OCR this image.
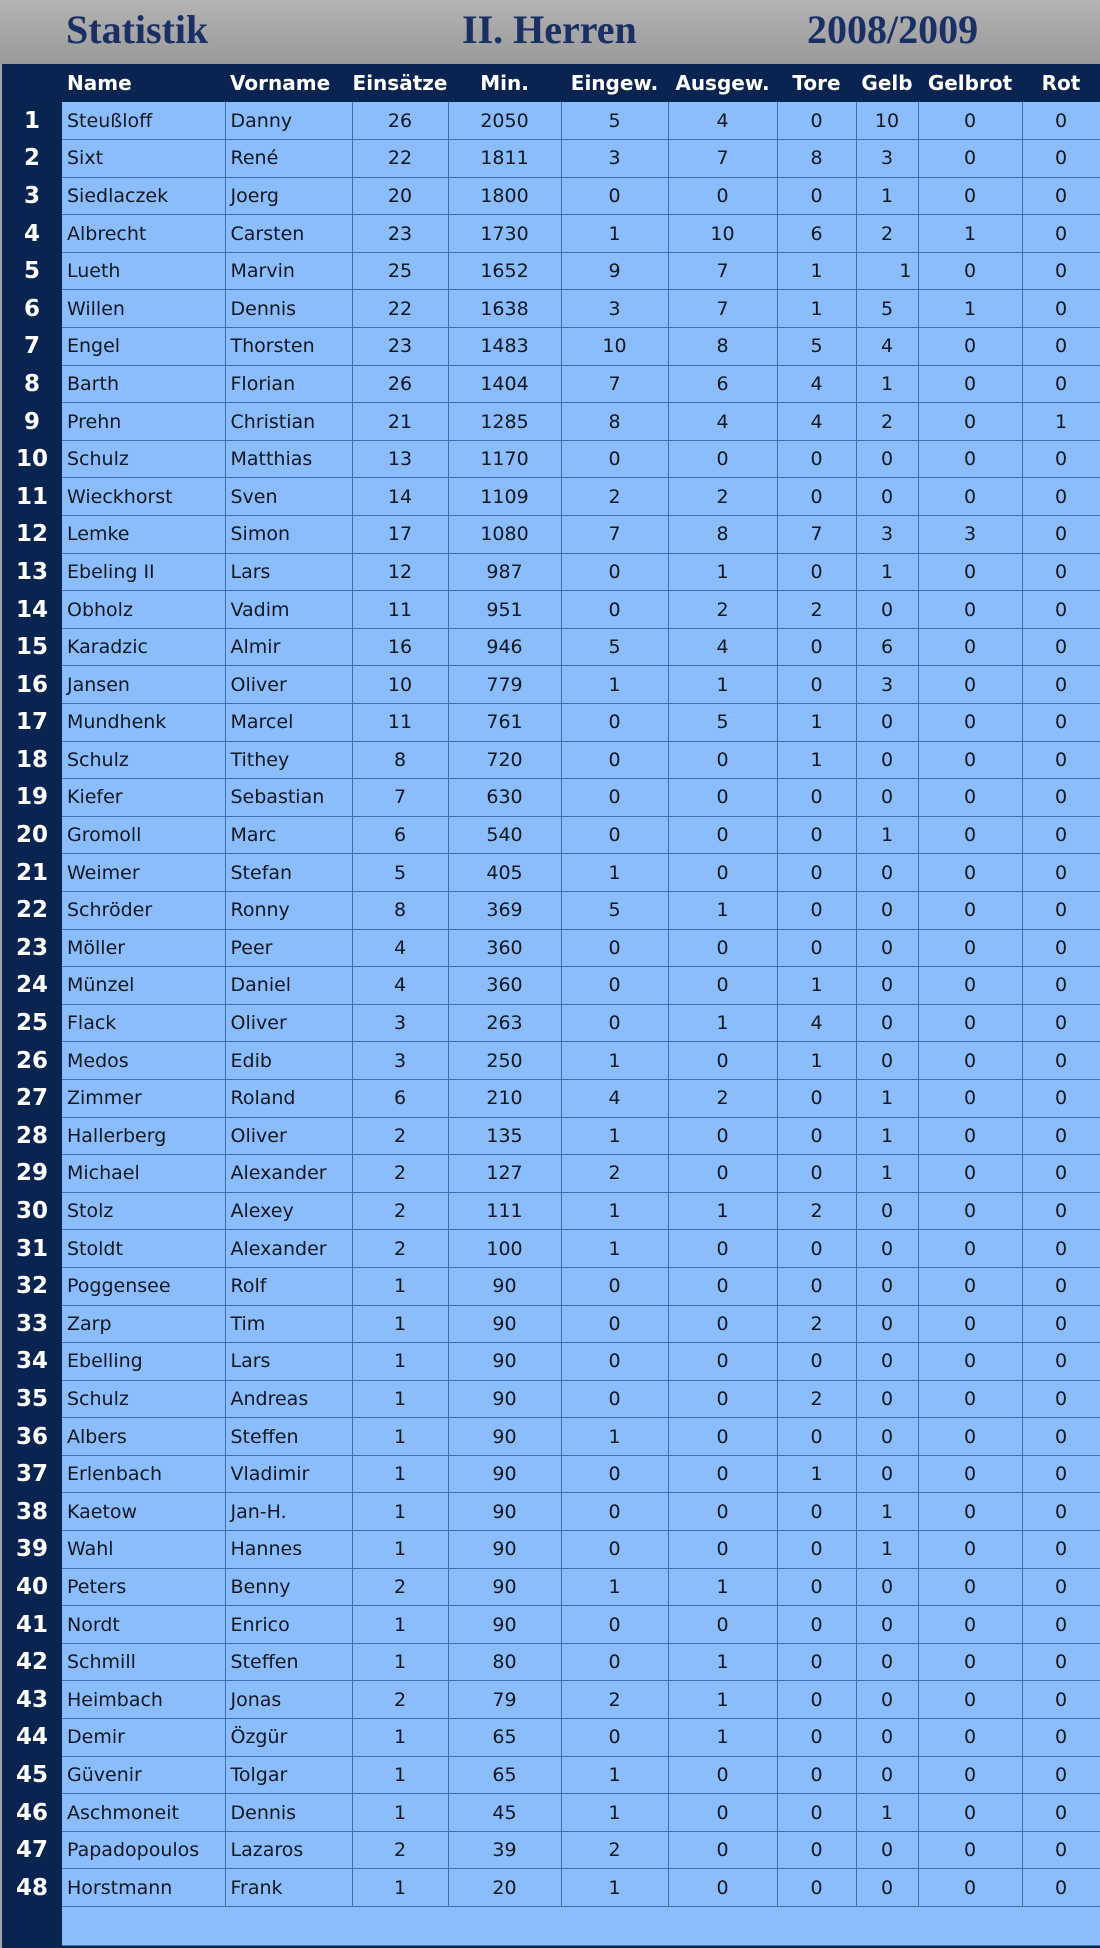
Statistik	II. Herren	2008/2009
	Name	Vorname	Einsätze	Min.	Eingew.	Ausgew.	Tore	Gelb	Gelbrot	Rot
1	Steußloff	Danny	26	2050	5	4	0	10	0	0
2	Sixt	René	22	1811	3	7	8	3	0	0
3	Siedlaczek	Joerg	20	1800	0	0	0	1	0	0
4	Albrecht	Carsten	23	1730	1	10	6	2	1	0
5	Lueth	Marvin	25	1652	9	7	1	1	0	0
6	Willen	Dennis	22	1638	3	7	1	5	1	0
7	Engel	Thorsten	23	1483	10	8	5	4	0	0
8	Barth	Florian	26	1404	7	6	4	1	0	0
9	Prehn	Christian	21	1285	8	4	4	2	0	1
10	Schulz	Matthias	13	1170	0	0	0	0	0	0
11	Wieckhorst	Sven	14	1109	2	2	0	0	0	0
12	Lemke	Simon	17	1080	7	8	7	3	3	0
13	Ebeling II	Lars	12	987	0	1	0	1	0	0
14	Obholz	Vadim	11	951	0	2	2	0	0	0
15	Karadzic	Almir	16	946	5	4	0	6	0	0
16	Jansen	Oliver	10	779	1	1	0	3	0	0
17	Mundhenk	Marcel	11	761	0	5	1	0	0	0
18	Schulz	Tithey	8	720	0	0	1	0	0	0
19	Kiefer	Sebastian	7	630	0	0	0	0	0	0
20	Gromoll	Marc	6	540	0	0	0	1	0	0
21	Weimer	Stefan	5	405	1	0	0	0	0	0
22	Schröder	Ronny	8	369	5	1	0	0	0	0
23	Möller	Peer	4	360	0	0	0	0	0	0
24	Münzel	Daniel	4	360	0	0	1	0	0	0
25	Flack	Oliver	3	263	0	1	4	0	0	0
26	Medos	Edib	3	250	1	0	1	0	0	0
27	Zimmer	Roland	6	210	4	2	0	1	0	0
28	Hallerberg	Oliver	2	135	1	0	0	1	0	0
29	Michael	Alexander	2	127	2	0	0	1	0	0
30	Stolz	Alexey	2	111	1	1	2	0	0	0
31	Stoldt	Alexander	2	100	1	0	0	0	0	0
32	Poggensee	Rolf	1	90	0	0	0	0	0	0
33	Zarp	Tim	1	90	0	0	2	0	0	0
34	Ebelling	Lars	1	90	0	0	0	0	0	0
35	Schulz	Andreas	1	90	0	0	2	0	0	0
36	Albers	Steffen	1	90	1	0	0	0	0	0
37	Erlenbach	Vladimir	1	90	0	0	1	0	0	0
38	Kaetow	Jan-H.	1	90	0	0	0	1	0	0
39	Wahl	Hannes	1	90	0	0	0	1	0	0
40	Peters	Benny	2	90	1	1	0	0	0	0
41	Nordt	Enrico	1	90	0	0	0	0	0	0
42	Schmill	Steffen	1	80	0	1	0	0	0	0
43	Heimbach	Jonas	2	79	2	1	0	0	0	0
44	Demir	Özgür	1	65	0	1	0	0	0	0
45	Güvenir	Tolgar	1	65	1	0	0	0	0	0
46	Aschmoneit	Dennis	1	45	1	0	0	1	0	0
47	Papadopoulos	Lazaros	2	39	2	0	0	0	0	0
48	Horstmann	Frank	1	20	1	0	0	0	0	0
